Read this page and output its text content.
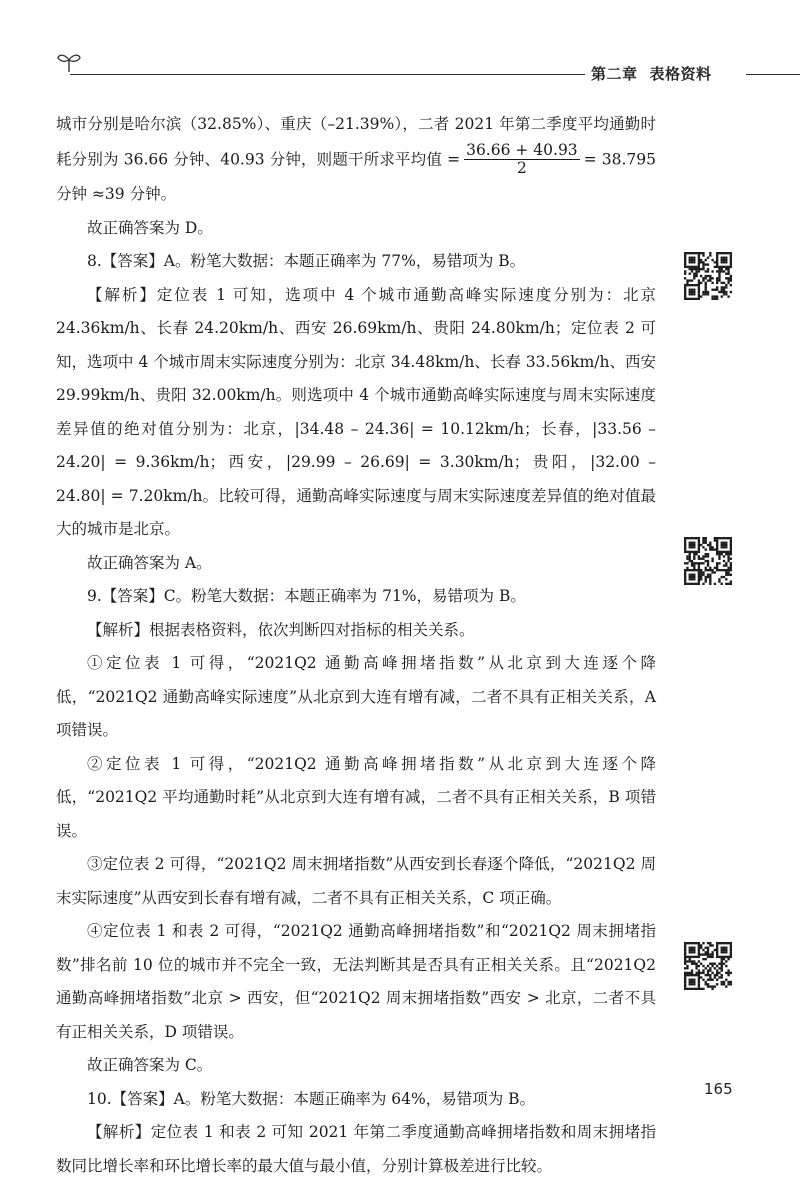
第二章 表格资料

城市分别是哈尔滨（32.85%）、重庆（–21.39%），二者 2021 年第二季度平均通勤时耗分别为 36.66 分钟、40.93 分钟，则题干所求平均值 = $\frac{36.66 + 40.93}{2} = 38.795$ 分钟 ≈39 分钟。

故正确答案为 D。

8.【答案】A。粉笔大数据：本题正确率为 77%，易错项为 B。

【解析】定位表 1 可知，选项中 4 个城市通勤高峰实际速度分别为：北京 24.36km/h、长春 24.20km/h、西安 26.69km/h、贵阳 24.80km/h；定位表 2 可知，选项中 4 个城市周末实际速度分别为：北京 34.48km/h、长春 33.56km/h、西安 29.99km/h、贵阳 32.00km/h。则选项中 4 个城市通勤高峰实际速度与周末实际速度差异值的绝对值分别为：北京，|34.48 – 24.36| = 10.12km/h；长春，|33.56 – 24.20| = 9.36km/h；西安，|29.99 – 26.69| = 3.30km/h；贵阳，|32.00 – 24.80| = 7.20km/h。比较可得，通勤高峰实际速度与周末实际速度差异值的绝对值最大的城市是北京。

故正确答案为 A。

9.【答案】C。粉笔大数据：本题正确率为 71%，易错项为 B。

【解析】根据表格资料，依次判断四对指标的相关关系。

①定位表 1 可得，“2021Q2 通勤高峰拥堵指数”从北京到大连逐个降低，“2021Q2 通勤高峰实际速度”从北京到大连有增有减，二者不具有正相关关系，A 项错误。

②定位表 1 可得，“2021Q2 通勤高峰拥堵指数”从北京到大连逐个降低，“2021Q2 平均通勤时耗”从北京到大连有增有减，二者不具有正相关关系，B 项错误。

③定位表 2 可得，“2021Q2 周末拥堵指数”从西安到长春逐个降低，“2021Q2 周末实际速度”从西安到长春有增有减，二者不具有正相关关系，C 项正确。

④定位表 1 和表 2 可得，“2021Q2 通勤高峰拥堵指数”和“2021Q2 周末拥堵指数”排名前 10 位的城市并不完全一致，无法判断其是否具有正相关关系。且“2021Q2 通勤高峰拥堵指数”北京 > 西安，但“2021Q2 周末拥堵指数”西安 > 北京，二者不具有正相关关系，D 项错误。

故正确答案为 C。

10.【答案】A。粉笔大数据：本题正确率为 64%，易错项为 B。

【解析】定位表 1 和表 2 可知 2021 年第二季度通勤高峰拥堵指数和周末拥堵指数同比增长率和环比增长率的最大值与最小值，分别计算极差进行比较。

165
